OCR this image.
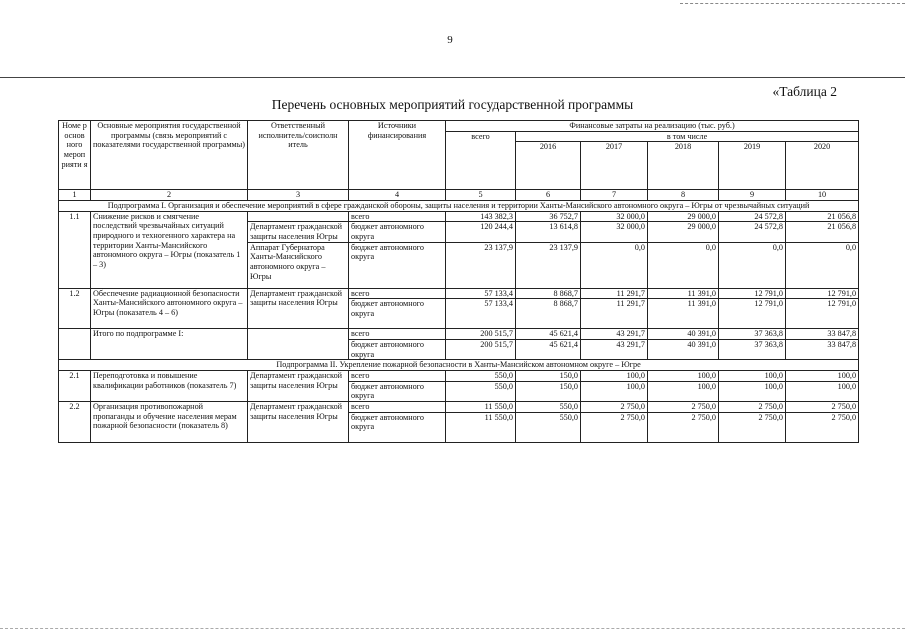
9
«Таблица 2
Перечень основных мероприятий государственной программы
Номе р основ ного мероп рияти я	Основные мероприятия государственной программы (связь мероприятий с показателями государственной программы)	Ответственный исполнитель/соисполн итель	Источники финансирования	Финансовые затраты на реализацию (тыс. руб.)					
				всего	в том числе				
					2016	2017	2018	2019	2020
1	2	3	4	5	6	7	8	9	10
Подпрограмма I. Организация и обеспечение мероприятий в сфере гражданской обороны, защиты населения и территории Ханты-Мансийского автономного округа – Югры от чрезвычайных ситуаций									
1.1	Снижение рисков и смягчение последствий чрезвычайных ситуаций природного и техногенного характера на территории Ханты-Мансийского автономного округа – Югры (показатель 1 – 3)		всего	143 382,3	36 752,7	32 000,0	29 000,0	24 572,8	21 056,8
		Департамент гражданской защиты населения Югры	бюджет автономного округа	120 244,4	13 614,8	32 000,0	29 000,0	24 572,8	21 056,8
		Аппарат Губернатора Ханты-Мансийского автономного округа – Югры	бюджет автономного округа	23 137,9	23 137,9	0,0	0,0	0,0	0,0
1.2	Обеспечение радиационной безопасности Ханты-Мансийского автономного округа – Югры (показатель 4 – 6)	Департамент гражданской защиты населения Югры	всего	57 133,4	8 868,7	11 291,7	11 391,0	12 791,0	12 791,0
			бюджет автономного округа	57 133,4	8 868,7	11 291,7	11 391,0	12 791,0	12 791,0
	Итого по подпрограмме I:		всего	200 515,7	45 621,4	43 291,7	40 391,0	37 363,8	33 847,8
			бюджет автономного округа	200 515,7	45 621,4	43 291,7	40 391,0	37 363,8	33 847,8
Подпрограмма II. Укрепление пожарной безопасности в Ханты-Мансийском автономном округе – Югре									
2.1	Переподготовка и повышение квалификации работников (показатель 7)	Департамент гражданской защиты населения Югры	всего	550,0	150,0	100,0	100,0	100,0	100,0
			бюджет автономного округа	550,0	150,0	100,0	100,0	100,0	100,0
2.2	Организация противопожарной пропаганды и обучение населения мерам пожарной безопасности (показатель 8)	Департамент гражданской защиты населения Югры	всего	11 550,0	550,0	2 750,0	2 750,0	2 750,0	2 750,0
			бюджет автономного округа	11 550,0	550,0	2 750,0	2 750,0	2 750,0	2 750,0
